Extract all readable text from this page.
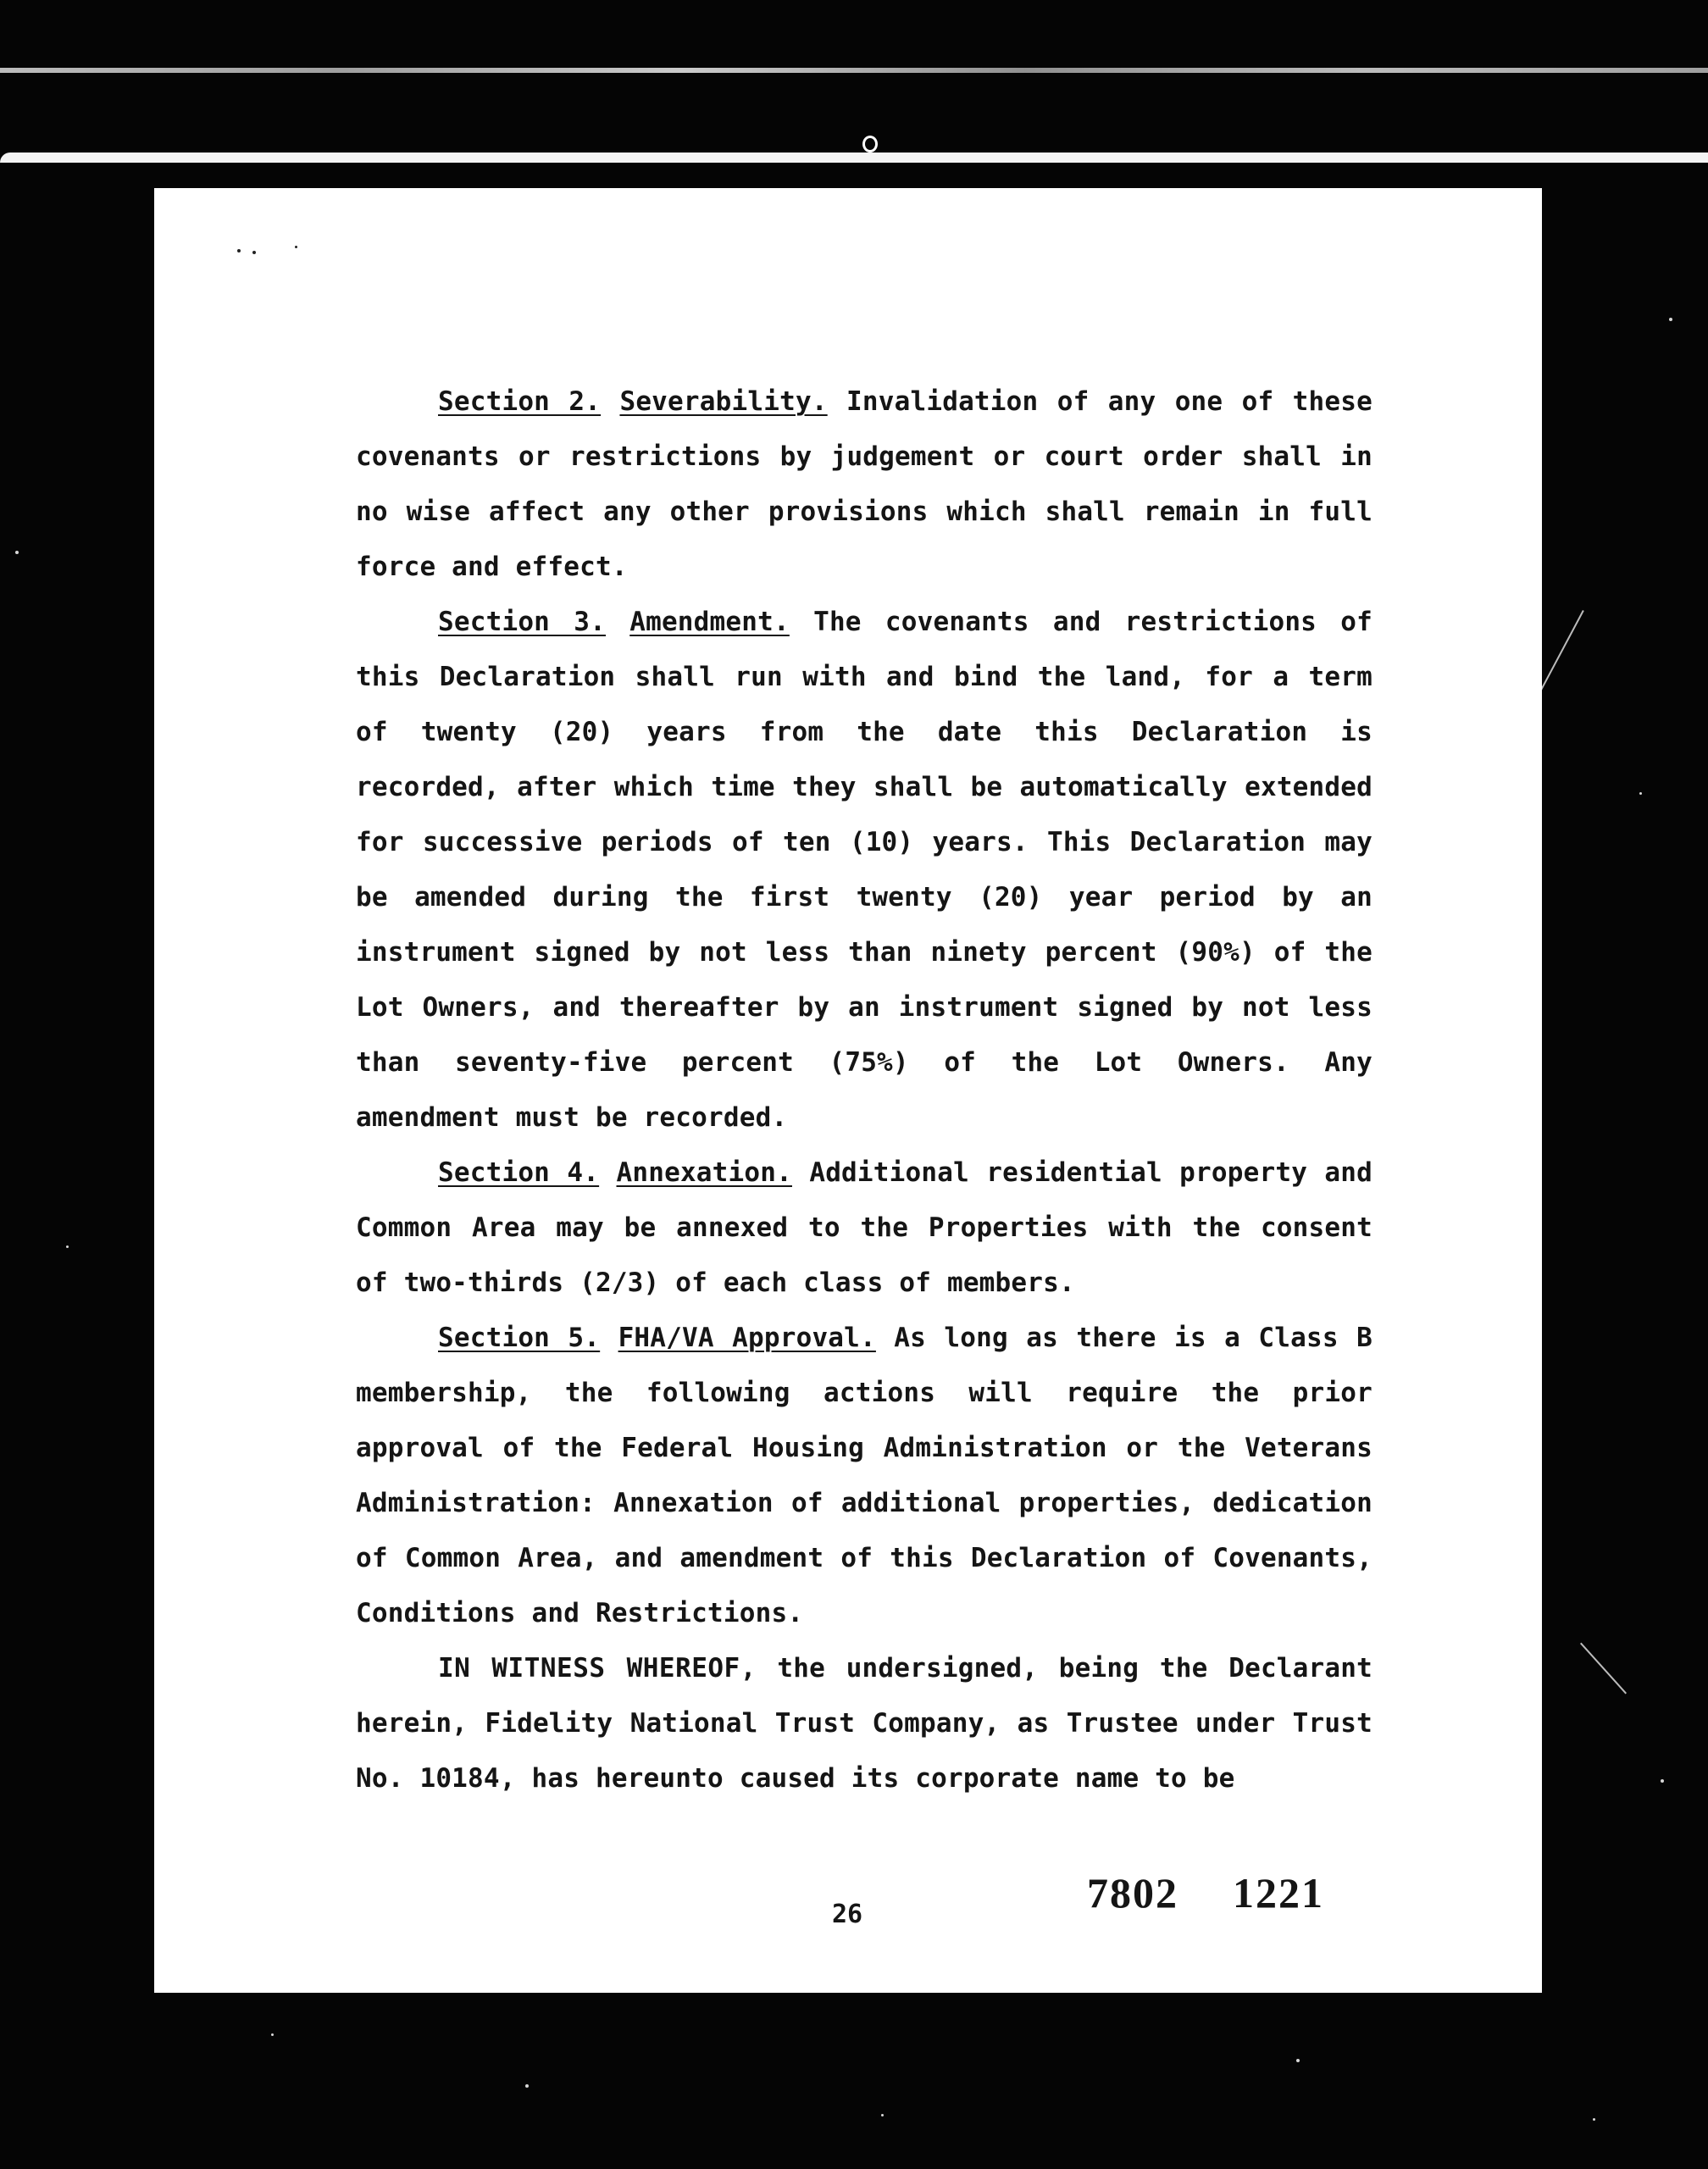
Section 2. Severability. Invalidation of any one of these covenants or restrictions by judgement or court order shall in no wise affect any other provisions which shall remain in full force and effect.

Section 3. Amendment. The covenants and restrictions of this Declaration shall run with and bind the land, for a term of twenty (20) years from the date this Declaration is recorded, after which time they shall be automatically extended for successive periods of ten (10) years. This Declaration may be amended during the first twenty (20) year period by an instrument signed by not less than ninety percent (90%) of the Lot Owners, and thereafter by an instrument signed by not less than seventy-five percent (75%) of the Lot Owners. Any amendment must be recorded.

Section 4. Annexation. Additional residential property and Common Area may be annexed to the Properties with the consent of two-thirds (2/3) of each class of members.

Section 5. FHA/VA Approval. As long as there is a Class B membership, the following actions will require the prior approval of the Federal Housing Administration or the Veterans Administration: Annexation of additional properties, dedication of Common Area, and amendment of this Declaration of Covenants, Conditions and Restrictions.

IN WITNESS WHEREOF, the undersigned, being the Declarant herein, Fidelity National Trust Company, as Trustee under Trust No. 10184, has hereunto caused its corporate name to be

26	7802 1221
